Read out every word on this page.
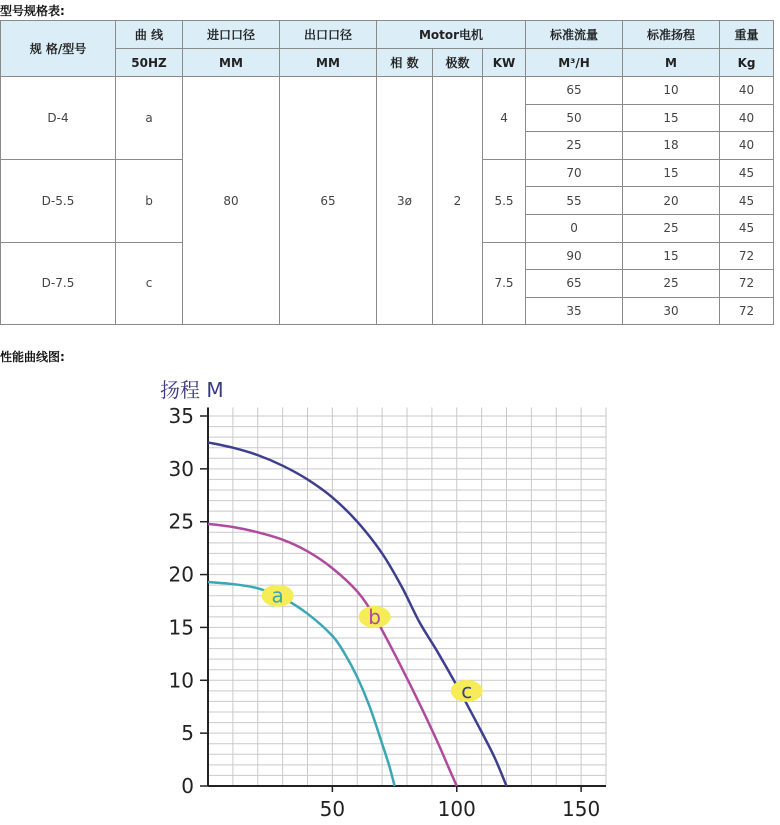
型号规格表:
规 格/型号	曲 线	进口口径	出口口径	Motor电机			标准流量	标准扬程	重量
	50HZ	MM	MM	相 数	极数	KW	M³/H	M	Kg
D-4	a	80	65	3ø	2	4	65	10	40
							50	15	40
							25	18	40
D-5.5	b					5.5	70	15	45
							55	20	45
							0	25	45
D-7.5	c					7.5	90	15	72
							65	25	72
							35	30	72
性能曲线图:
扬程 M
0
5
10
15
20
25
30
35
50	100	150
a
b
c
